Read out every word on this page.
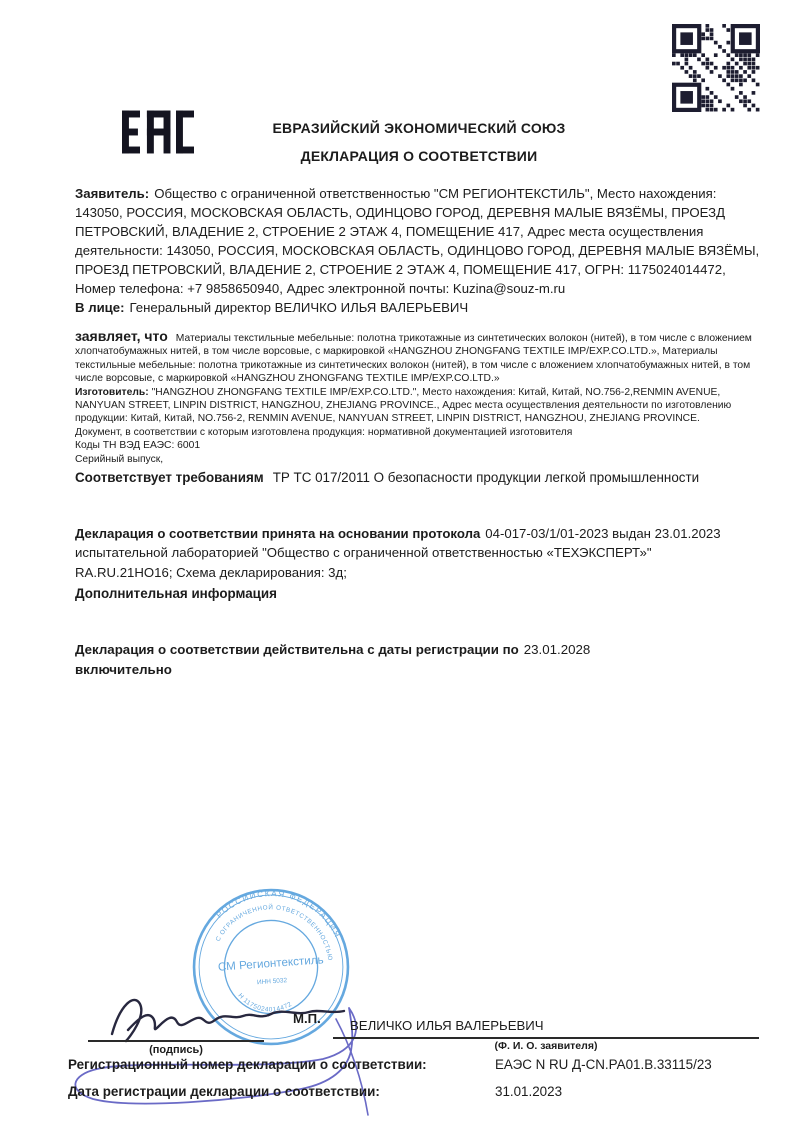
ЕВРАЗИЙСКИЙ ЭКОНОМИЧЕСКИЙ СОЮЗ
ДЕКЛАРАЦИЯ О СООТВЕТСТВИИ
Заявитель: Общество с ограниченной ответственностью "СМ РЕГИОНТЕКСТИЛЬ", Место нахождения: 143050, РОССИЯ, МОСКОВСКАЯ ОБЛАСТЬ, ОДИНЦОВО ГОРОД, ДЕРЕВНЯ МАЛЫЕ ВЯЗЁМЫ, ПРОЕЗД ПЕТРОВСКИЙ, ВЛАДЕНИЕ 2, СТРОЕНИЕ 2 ЭТАЖ 4, ПОМЕЩЕНИЕ 417, Адрес места осуществления деятельности: 143050, РОССИЯ, МОСКОВСКАЯ ОБЛАСТЬ, ОДИНЦОВО ГОРОД, ДЕРЕВНЯ МАЛЫЕ ВЯЗЁМЫ, ПРОЕЗД ПЕТРОВСКИЙ, ВЛАДЕНИЕ 2, СТРОЕНИЕ 2 ЭТАЖ 4, ПОМЕЩЕНИЕ 417, ОГРН: 1175024014472, Номер телефона: +7 9858650940, Адрес электронной почты: Kuzina@souz-m.ru
В лице: Генеральный директор ВЕЛИЧКО ИЛЬЯ ВАЛЕРЬЕВИЧ
заявляет, что Материалы текстильные мебельные: полотна трикотажные из синтетических волокон (нитей), в том числе с вложением хлопчатобумажных нитей, в том числе ворсовые, с маркировкой «HANGZHOU ZHONGFANG TEXTILE IMP/EXP.CO.LTD.», Материалы текстильные мебельные: полотна трикотажные из синтетических волокон (нитей), в том числе с вложением хлопчатобумажных нитей, в том числе ворсовые, с маркировкой «HANGZHOU ZHONGFANG TEXTILE IMP/EXP.CO.LTD.»
Изготовитель: "HANGZHOU ZHONGFANG TEXTILE IMP/EXP.CO.LTD.", Место нахождения: Китай, Китай, NO.756-2,RENMIN AVENUE, NANYUAN STREET, LINPIN DISTRICT, HANGZHOU, ZHEJIANG PROVINCE., Адрес места осуществления деятельности по изготовлению продукции: Китай, Китай, NO.756-2, RENMIN AVENUE, NANYUAN STREET, LINPIN DISTRICT, HANGZHOU, ZHEJIANG PROVINCE.
Документ, в соответствии с которым изготовлена продукция: нормативной документацией изготовителя
Коды ТН ВЭД ЕАЭС: 6001
Серийный выпуск,
Соответствует требованиям ТР ТС 017/2011 О безопасности продукции легкой промышленности
Декларация о соответствии принята на основании протокола 04-017-03/1/01-2023 выдан 23.01.2023 испытательной лабораторией "Общество с ограниченной ответственностью «ТЕХЭКСПЕРТ»" RA.RU.21НО16; Схема декларирования: 3д;
Дополнительная информация
Декларация о соответствии действительна с даты регистрации по 23.01.2028
включительно
РОССИЙСКАЯ ФЕДЕРАЦИЯ
С ОГРАНИЧЕННОЙ ОТВЕТСТВЕННОСТЬЮ
Н 1175024014472
СМ Регионтекстиль
ИНН 5032
М.П.
(подпись)
ВЕЛИЧКО ИЛЬЯ ВАЛЕРЬЕВИЧ
(Ф. И. О. заявителя)
Регистрационный номер декларации о соответствии:	ЕАЭС N RU Д-CN.РА01.В.33115/23
Дата регистрации декларации о соответствии:	31.01.2023
